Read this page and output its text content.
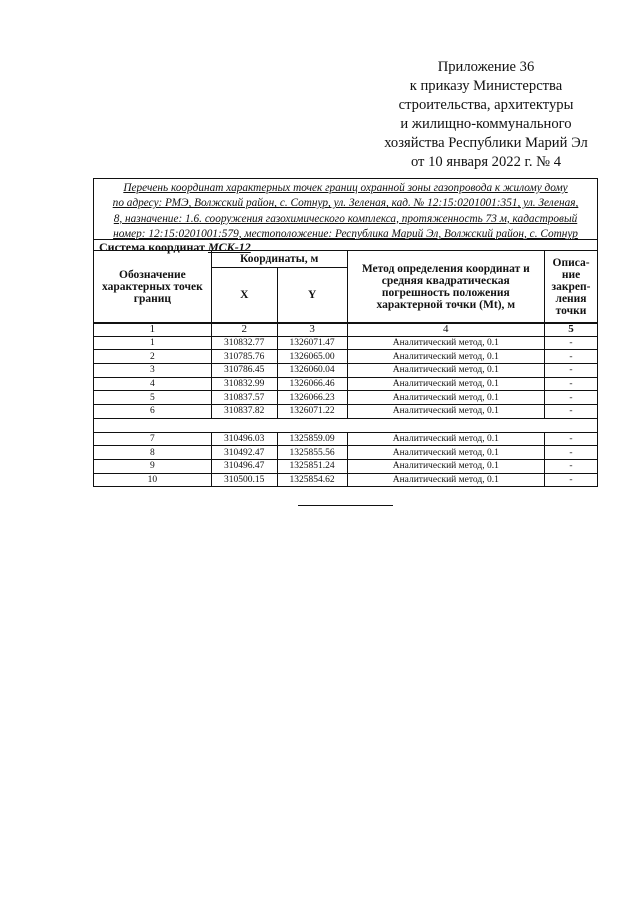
Приложение 36
к приказу Министерства
строительства, архитектуры
и жилищно-коммунального
хозяйства Республики Марий Эл
от 10 января 2022 г. № 4
Перечень координат характерных точек границ охранной зоны газопровода к жилому дому
по адресу: РМЭ, Волжский район, с. Сотнур, ул. Зеленая, кад. № 12:15:0201001:351, ул. Зеленая,
8, назначение: 1.6. сооружения газохимического комплекса, протяженность 73 м, кадастровый
номер: 12:15:0201001:579, местоположение: Республика Марий Эл, Волжский район, с. Сотнур
Система координат МСК-12
Обозначение характерных точек границ	Координаты, м		Метод определения координат и средняя квадратическая погрешность положения характерной точки (Mt), м	Описа-ние закреп-ления точки
	X	Y		
1	2	3	4	5
1	310832.77	1326071.47	Аналитический метод, 0.1	-
2	310785.76	1326065.00	Аналитический метод, 0.1	-
3	310786.45	1326060.04	Аналитический метод, 0.1	-
4	310832.99	1326066.46	Аналитический метод, 0.1	-
5	310837.57	1326066.23	Аналитический метод, 0.1	-
6	310837.82	1326071.22	Аналитический метод, 0.1	-

7	310496.03	1325859.09	Аналитический метод, 0.1	-
8	310492.47	1325855.56	Аналитический метод, 0.1	-
9	310496.47	1325851.24	Аналитический метод, 0.1	-
10	310500.15	1325854.62	Аналитический метод, 0.1	-
